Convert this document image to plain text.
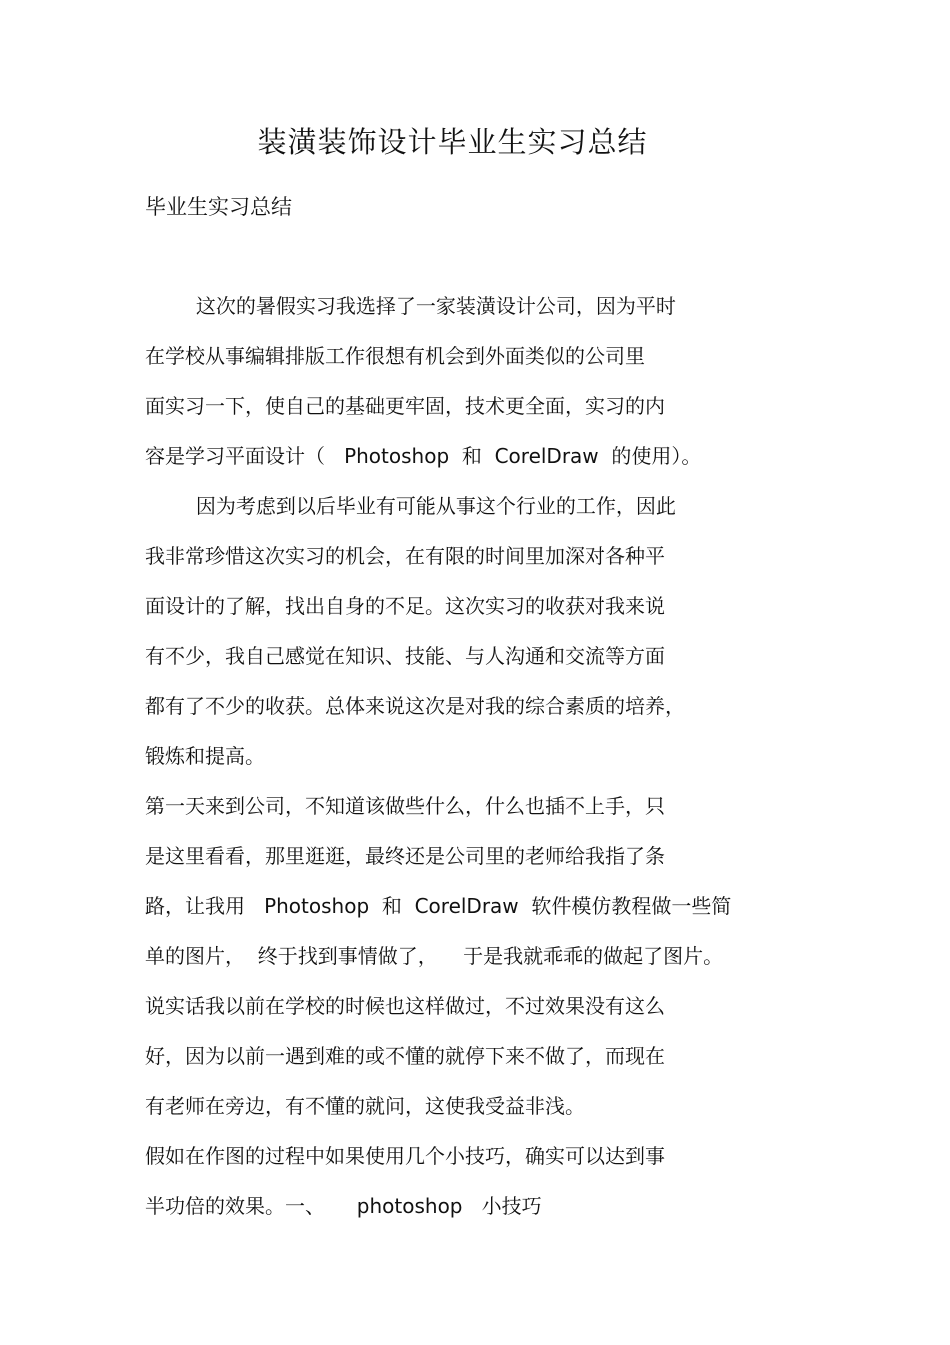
装潢装饰设计毕业生实习总结

毕业生实习总结

这次的暑假实习我选择了一家装潢设计公司，因为平时
在学校从事编辑排版工作很想有机会到外面类似的公司里
面实习一下，使自己的基础更牢固，技术更全面，实习的内
容是学习平面设计（   Photoshop  和  CorelDraw  的使用）。
因为考虑到以后毕业有可能从事这个行业的工作，因此
我非常珍惜这次实习的机会，在有限的时间里加深对各种平
面设计的了解，找出自身的不足。这次实习的收获对我来说
有不少，我自己感觉在知识、技能、与人沟通和交流等方面
都有了不少的收获。总体来说这次是对我的综合素质的培养，
锻炼和提高。
第一天来到公司，不知道该做些什么，什么也插不上手，只
是这里看看，那里逛逛，最终还是公司里的老师给我指了条
路，让我用   Photoshop  和  CorelDraw  软件模仿教程做一些简
单的图片，  终于找到事情做了，    于是我就乖乖的做起了图片。
说实话我以前在学校的时候也这样做过，不过效果没有这么
好，因为以前一遇到难的或不懂的就停下来不做了，而现在
有老师在旁边，有不懂的就问，这使我受益非浅。
假如在作图的过程中如果使用几个小技巧，确实可以达到事
半功倍的效果。一、     photoshop   小技巧
